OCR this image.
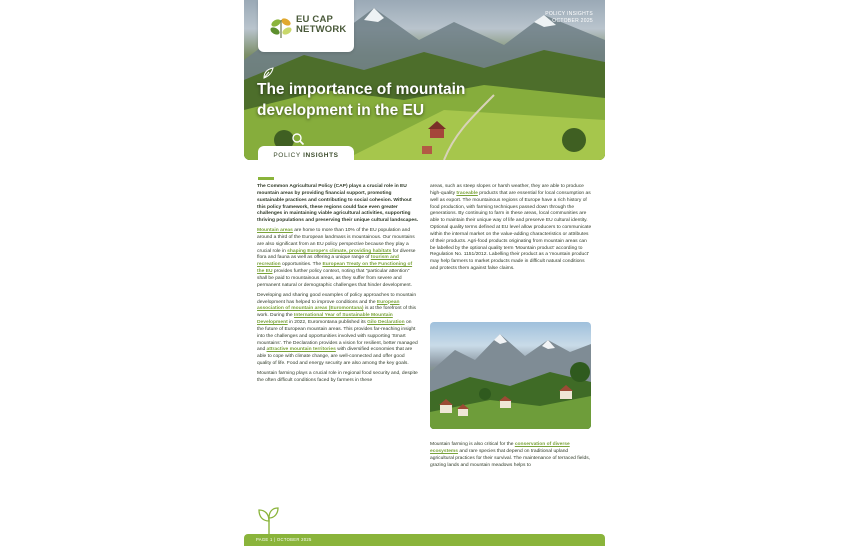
EU CAP
NETWORK
POLICY INSIGHTS
OCTOBER 2025
The importance of mountain development in the EU
POLICY INSIGHTS

The Common Agricultural Policy (CAP) plays a crucial role in EU mountain areas by providing financial support, promoting sustainable practices and contributing to social cohesion. Without this policy framework, these regions could face even greater challenges in maintaining viable agricultural activities, supporting thriving populations and preserving their unique cultural landscapes.

Mountain areas are home to more than 10% of the EU population and around a third of the European landmass is mountainous. Our mountains are also significant from an EU policy perspective because they play a crucial role in shaping Europe's climate, providing habitats for diverse flora and fauna as well as offering a unique range of tourism and recreation opportunities. The European Treaty on the Functioning of the EU provides further policy context, noting that "particular attention" shall be paid to mountainous areas, as they suffer from severe and permanent natural or demographic challenges that hinder development.

Developing and sharing good examples of policy approaches to mountain development has helped to improve conditions and the European association of mountain areas (Euromontana) is at the forefront of this work. During the International Year of Sustainable Mountain Development in 2022, Euromontana published its Gilo Declaration on the future of European mountain areas. This provides far-reaching insight into the challenges and opportunities involved with supporting 'Smart mountains'. The Declaration provides a vision for resilient, better managed and attractive mountain territories with diversified economies that are able to cope with climate change, are well-connected and offer good quality of life. Food and energy security are also among the key goals.

Mountain farming plays a crucial role in regional food security and, despite the often difficult conditions faced by farmers in these

areas, such as steep slopes or harsh weather, they are able to produce high-quality traceable products that are essential for local consumption as well as export. The mountainous regions of Europe have a rich history of food production, with farming techniques passed down through the generations. By continuing to farm in these areas, local communities are able to maintain their unique way of life and preserve EU cultural identity. Optional quality terms defined at EU level allow producers to communicate within the internal market on the value-adding characteristics or attributes of their products. Agri-food products originating from mountain areas can be labelled by the optional quality term 'Mountain product' according to Regulation No. 1151/2012. Labelling their product as a 'mountain product' may help farmers to market products made in difficult natural conditions and protects them against false claims.

Mountain farming is also critical for the conservation of diverse ecosystems and rare species that depend on traditional upland agricultural practices for their survival. The maintenance of terraced fields, grazing lands and mountain meadows helps to

PAGE 1 | OCTOBER 2025
